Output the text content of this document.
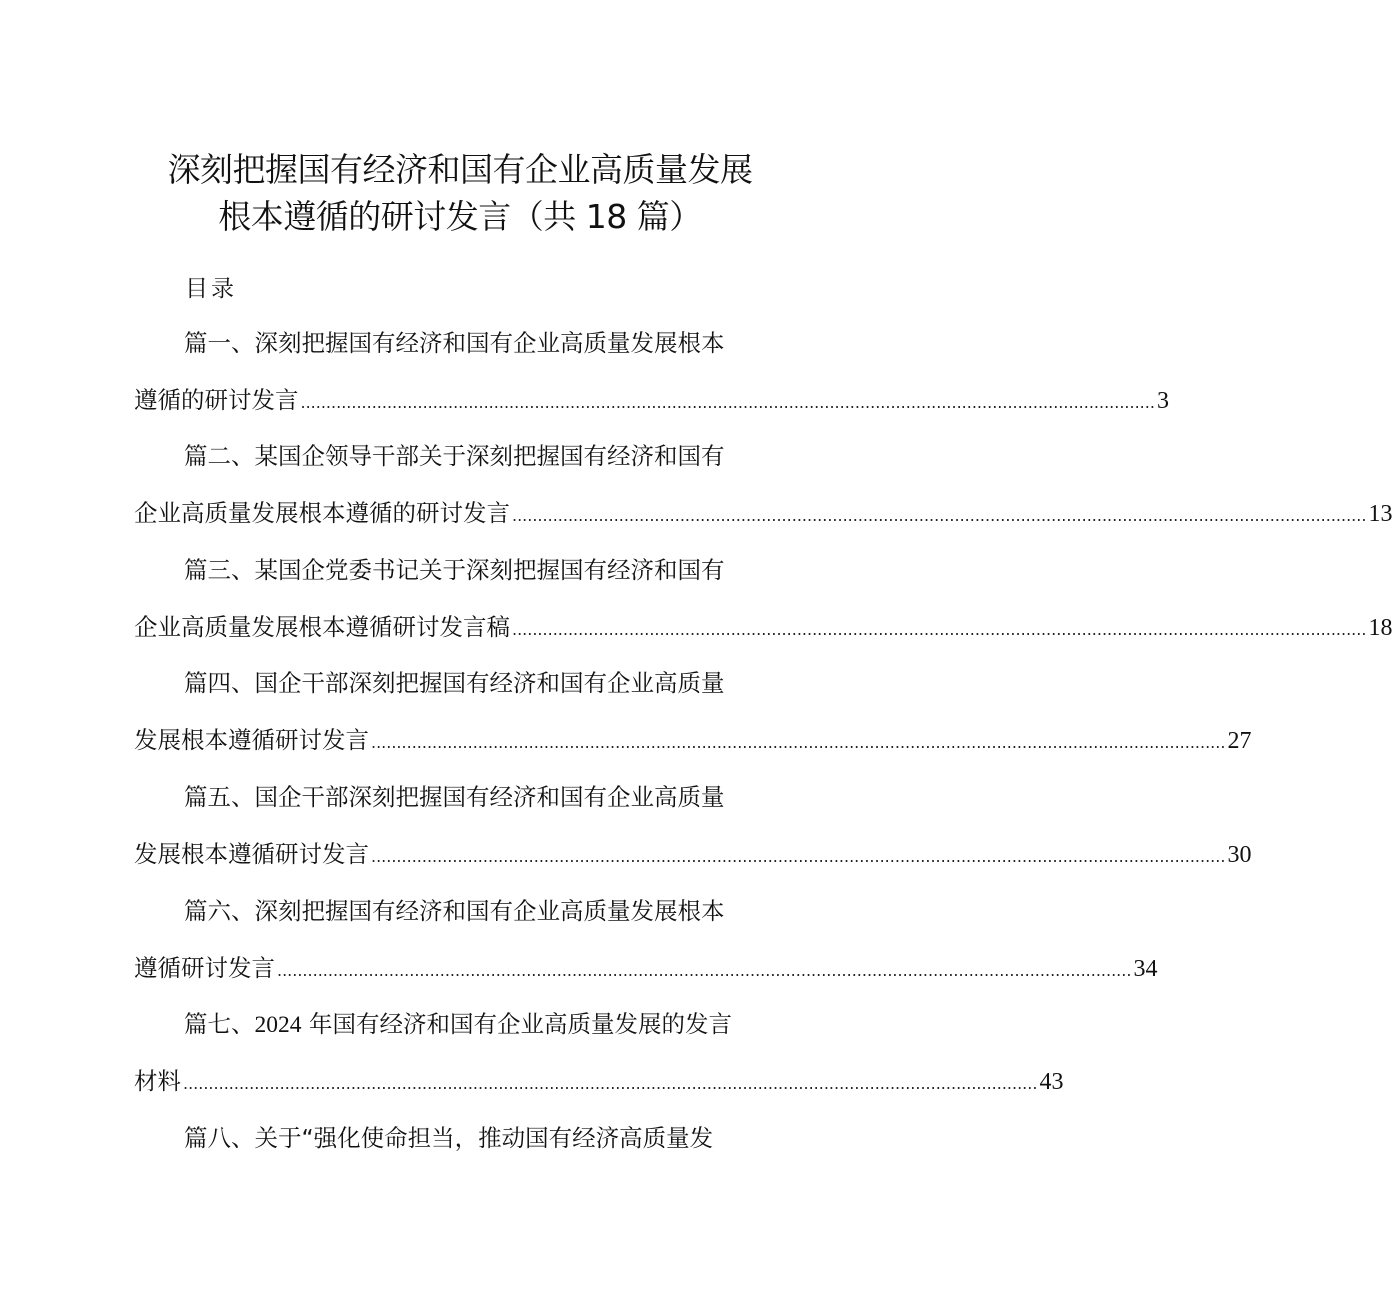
深刻把握国有经济和国有企业高质量发展
根本遵循的研讨发言（共 18 篇）
目录
篇一、深刻把握国有经济和国有企业高质量发展根本
遵循的研讨发言 ........................................................................................................................................................................ 3
篇二、某国企领导干部关于深刻把握国有经济和国有
企业高质量发展根本遵循的研讨发言 ........................................................................................................................................................................ 13
篇三、某国企党委书记关于深刻把握国有经济和国有
企业高质量发展根本遵循研讨发言稿 ........................................................................................................................................................................ 18
篇四、国企干部深刻把握国有经济和国有企业高质量
发展根本遵循研讨发言 ........................................................................................................................................................................ 27
篇五、国企干部深刻把握国有经济和国有企业高质量
发展根本遵循研讨发言 ........................................................................................................................................................................ 30
篇六、深刻把握国有经济和国有企业高质量发展根本
遵循研讨发言 ........................................................................................................................................................................ 34
篇七、2024 年国有经济和国有企业高质量发展的发言
材料 ........................................................................................................................................................................ 43
篇八、关于“强化使命担当，推动国有经济高质量发
